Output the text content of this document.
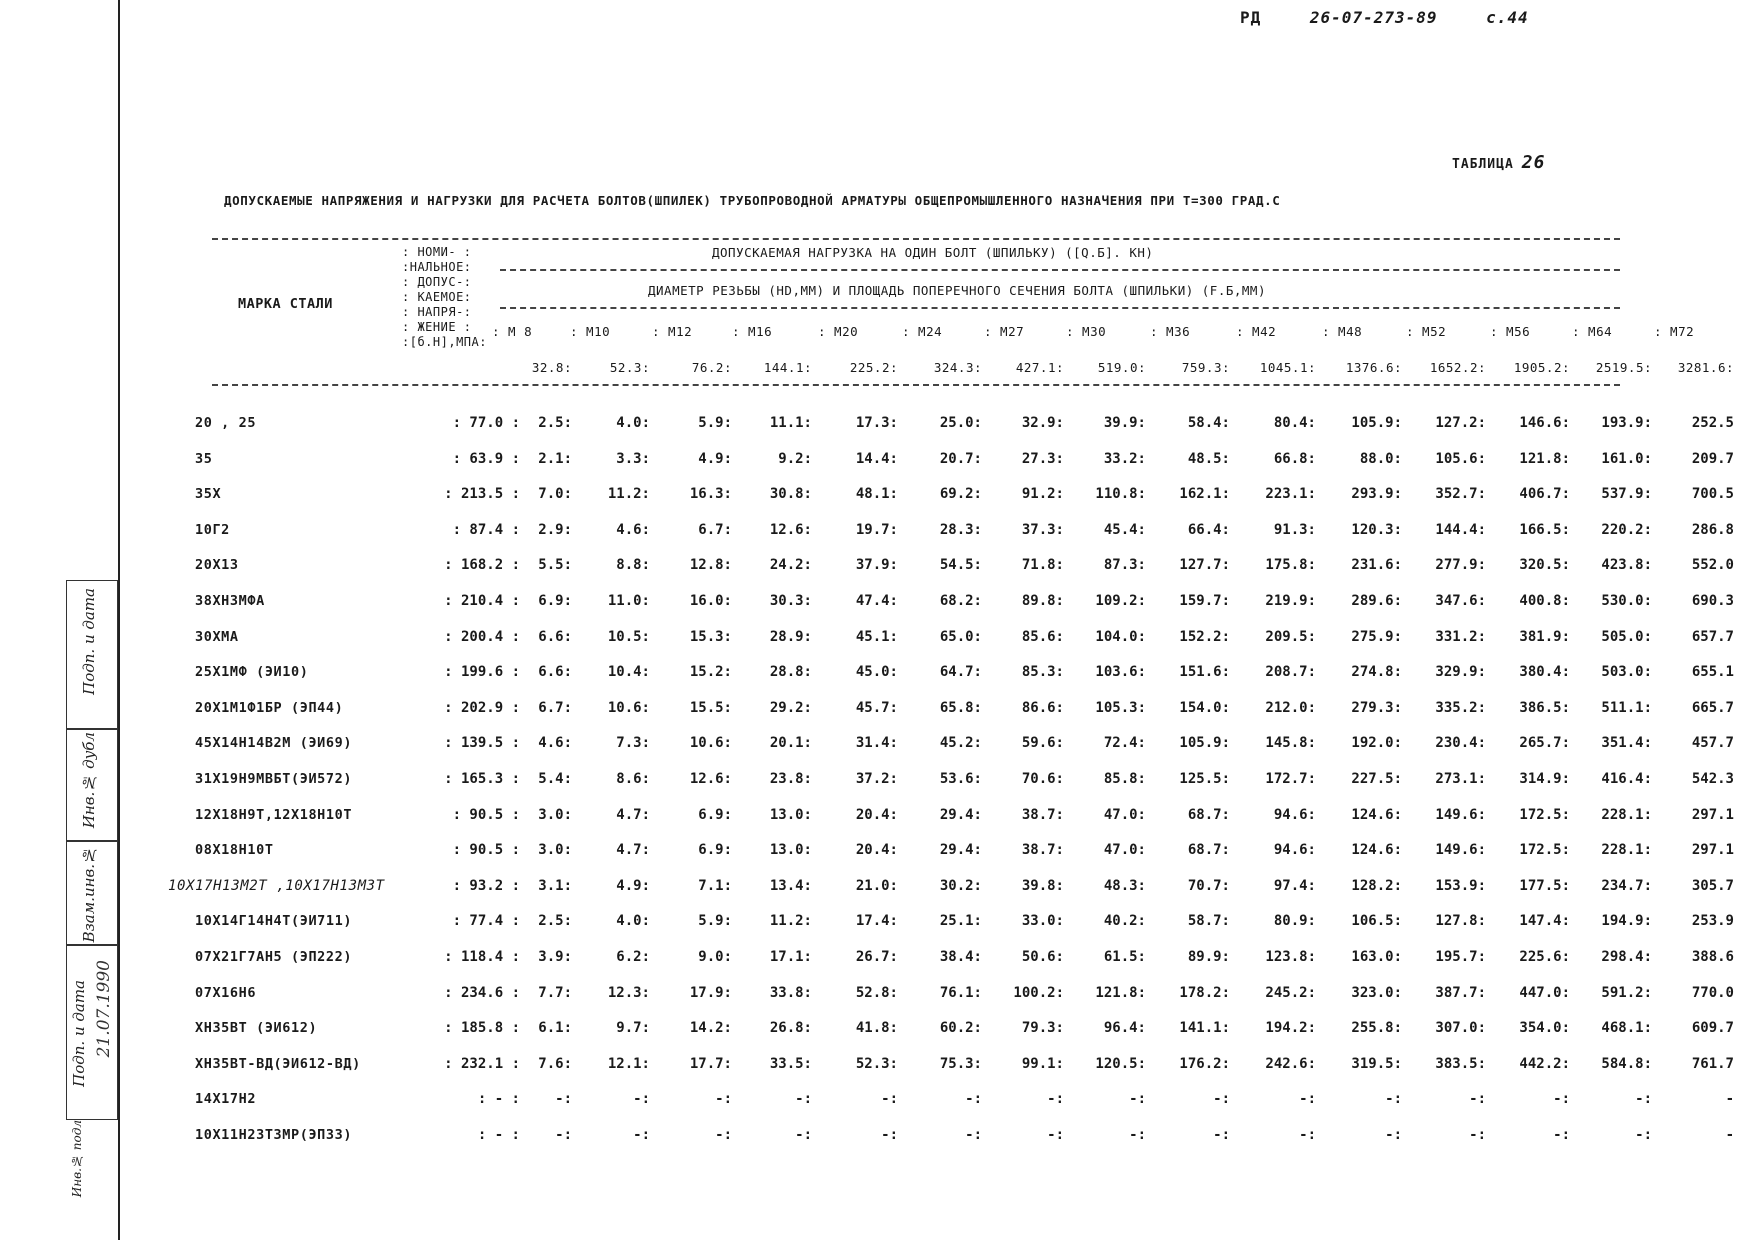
РД	26-07-273-89	с.44
ТАБЛИЦА 26
ДОПУСКАЕМЫЕ НАПРЯЖЕНИЯ И НАГРУЗКИ ДЛЯ РАСЧЕТА БОЛТОВ(ШПИЛЕК) ТРУБОПРОВОДНОЙ АРМАТУРЫ ОБЩЕПРОМЫШЛЕННОГО НАЗНАЧЕНИЯ ПРИ Т=300 ГРАД.С
МАРКА СТАЛИ
: НОМИ- :
:НАЛЬНОЕ:
: ДОПУС-:
: КАЕМОЕ:
: НАПРЯ-:
: ЖЕНИЕ :
:[б.Н],МПА:
ДОПУСКАЕМАЯ НАГРУЗКА НА ОДИН БОЛТ (ШПИЛЬКУ) ([Q.Б]. КН)
ДИАМЕТР РЕЗЬБЫ (НD,ММ) И ПЛОЩАДЬ ПОПЕРЕЧНОГО СЕЧЕНИЯ БОЛТА (ШПИЛЬКИ) (F.Б,ММ)
: М 8	: М10	: М12	: М16	: М20	: М24	: М27	: М30	: М36	: М42	: М48	: М52	: М56	: М64	: М72
32.8:	52.3:	76.2:	144.1:	225.2:	324.3:	427.1:	519.0:	759.3:	1045.1:	1376.6:	1652.2:	1905.2:	2519.5:	3281.6:
20 , 25	: 77.0 :	2.5:	4.0:	5.9:	11.1:	17.3:	25.0:	32.9:	39.9:	58.4:	80.4:	105.9:	127.2:	146.6:	193.9:	252.5
35	: 63.9 :	2.1:	3.3:	4.9:	9.2:	14.4:	20.7:	27.3:	33.2:	48.5:	66.8:	88.0:	105.6:	121.8:	161.0:	209.7
35Х	: 213.5 :	7.0:	11.2:	16.3:	30.8:	48.1:	69.2:	91.2:	110.8:	162.1:	223.1:	293.9:	352.7:	406.7:	537.9:	700.5
10Г2	: 87.4 :	2.9:	4.6:	6.7:	12.6:	19.7:	28.3:	37.3:	45.4:	66.4:	91.3:	120.3:	144.4:	166.5:	220.2:	286.8
20Х13	: 168.2 :	5.5:	8.8:	12.8:	24.2:	37.9:	54.5:	71.8:	87.3:	127.7:	175.8:	231.6:	277.9:	320.5:	423.8:	552.0
38ХН3МФА	: 210.4 :	6.9:	11.0:	16.0:	30.3:	47.4:	68.2:	89.8:	109.2:	159.7:	219.9:	289.6:	347.6:	400.8:	530.0:	690.3
30ХМА	: 200.4 :	6.6:	10.5:	15.3:	28.9:	45.1:	65.0:	85.6:	104.0:	152.2:	209.5:	275.9:	331.2:	381.9:	505.0:	657.7
25Х1МФ (ЭИ10)	: 199.6 :	6.6:	10.4:	15.2:	28.8:	45.0:	64.7:	85.3:	103.6:	151.6:	208.7:	274.8:	329.9:	380.4:	503.0:	655.1
20Х1М1Ф1БР (ЭП44)	: 202.9 :	6.7:	10.6:	15.5:	29.2:	45.7:	65.8:	86.6:	105.3:	154.0:	212.0:	279.3:	335.2:	386.5:	511.1:	665.7
45Х14Н14В2М (ЭИ69)	: 139.5 :	4.6:	7.3:	10.6:	20.1:	31.4:	45.2:	59.6:	72.4:	105.9:	145.8:	192.0:	230.4:	265.7:	351.4:	457.7
31Х19Н9МВБТ(ЭИ572)	: 165.3 :	5.4:	8.6:	12.6:	23.8:	37.2:	53.6:	70.6:	85.8:	125.5:	172.7:	227.5:	273.1:	314.9:	416.4:	542.3
12Х18Н9Т,12Х18Н10Т	: 90.5 :	3.0:	4.7:	6.9:	13.0:	20.4:	29.4:	38.7:	47.0:	68.7:	94.6:	124.6:	149.6:	172.5:	228.1:	297.1
08Х18Н10Т	: 90.5 :	3.0:	4.7:	6.9:	13.0:	20.4:	29.4:	38.7:	47.0:	68.7:	94.6:	124.6:	149.6:	172.5:	228.1:	297.1
10Х17Н13М2Т ,10Х17Н13М3Т	: 93.2 :	3.1:	4.9:	7.1:	13.4:	21.0:	30.2:	39.8:	48.3:	70.7:	97.4:	128.2:	153.9:	177.5:	234.7:	305.7
10Х14Г14Н4Т(ЭИ711)	: 77.4 :	2.5:	4.0:	5.9:	11.2:	17.4:	25.1:	33.0:	40.2:	58.7:	80.9:	106.5:	127.8:	147.4:	194.9:	253.9
07Х21Г7АН5 (ЭП222)	: 118.4 :	3.9:	6.2:	9.0:	17.1:	26.7:	38.4:	50.6:	61.5:	89.9:	123.8:	163.0:	195.7:	225.6:	298.4:	388.6
07Х16Н6	: 234.6 :	7.7:	12.3:	17.9:	33.8:	52.8:	76.1:	100.2:	121.8:	178.2:	245.2:	323.0:	387.7:	447.0:	591.2:	770.0
ХН35ВТ (ЭИ612)	: 185.8 :	6.1:	9.7:	14.2:	26.8:	41.8:	60.2:	79.3:	96.4:	141.1:	194.2:	255.8:	307.0:	354.0:	468.1:	609.7
ХН35ВТ-ВД(ЭИ612-ВД)	: 232.1 :	7.6:	12.1:	17.7:	33.5:	52.3:	75.3:	99.1:	120.5:	176.2:	242.6:	319.5:	383.5:	442.2:	584.8:	761.7
14Х17Н2	: - :	-:	-:	-:	-:	-:	-:	-:	-:	-:	-:	-:	-:	-:	-:	-
10Х11Н23Т3МР(ЭП33)	: - :	-:	-:	-:	-:	-:	-:	-:	-:	-:	-:	-:	-:	-:	-:	-
Подп. и дата
Инв.№ дубл
Взам.инв.№
Подп. и дата 21.07.1990
Инв.№ подл
